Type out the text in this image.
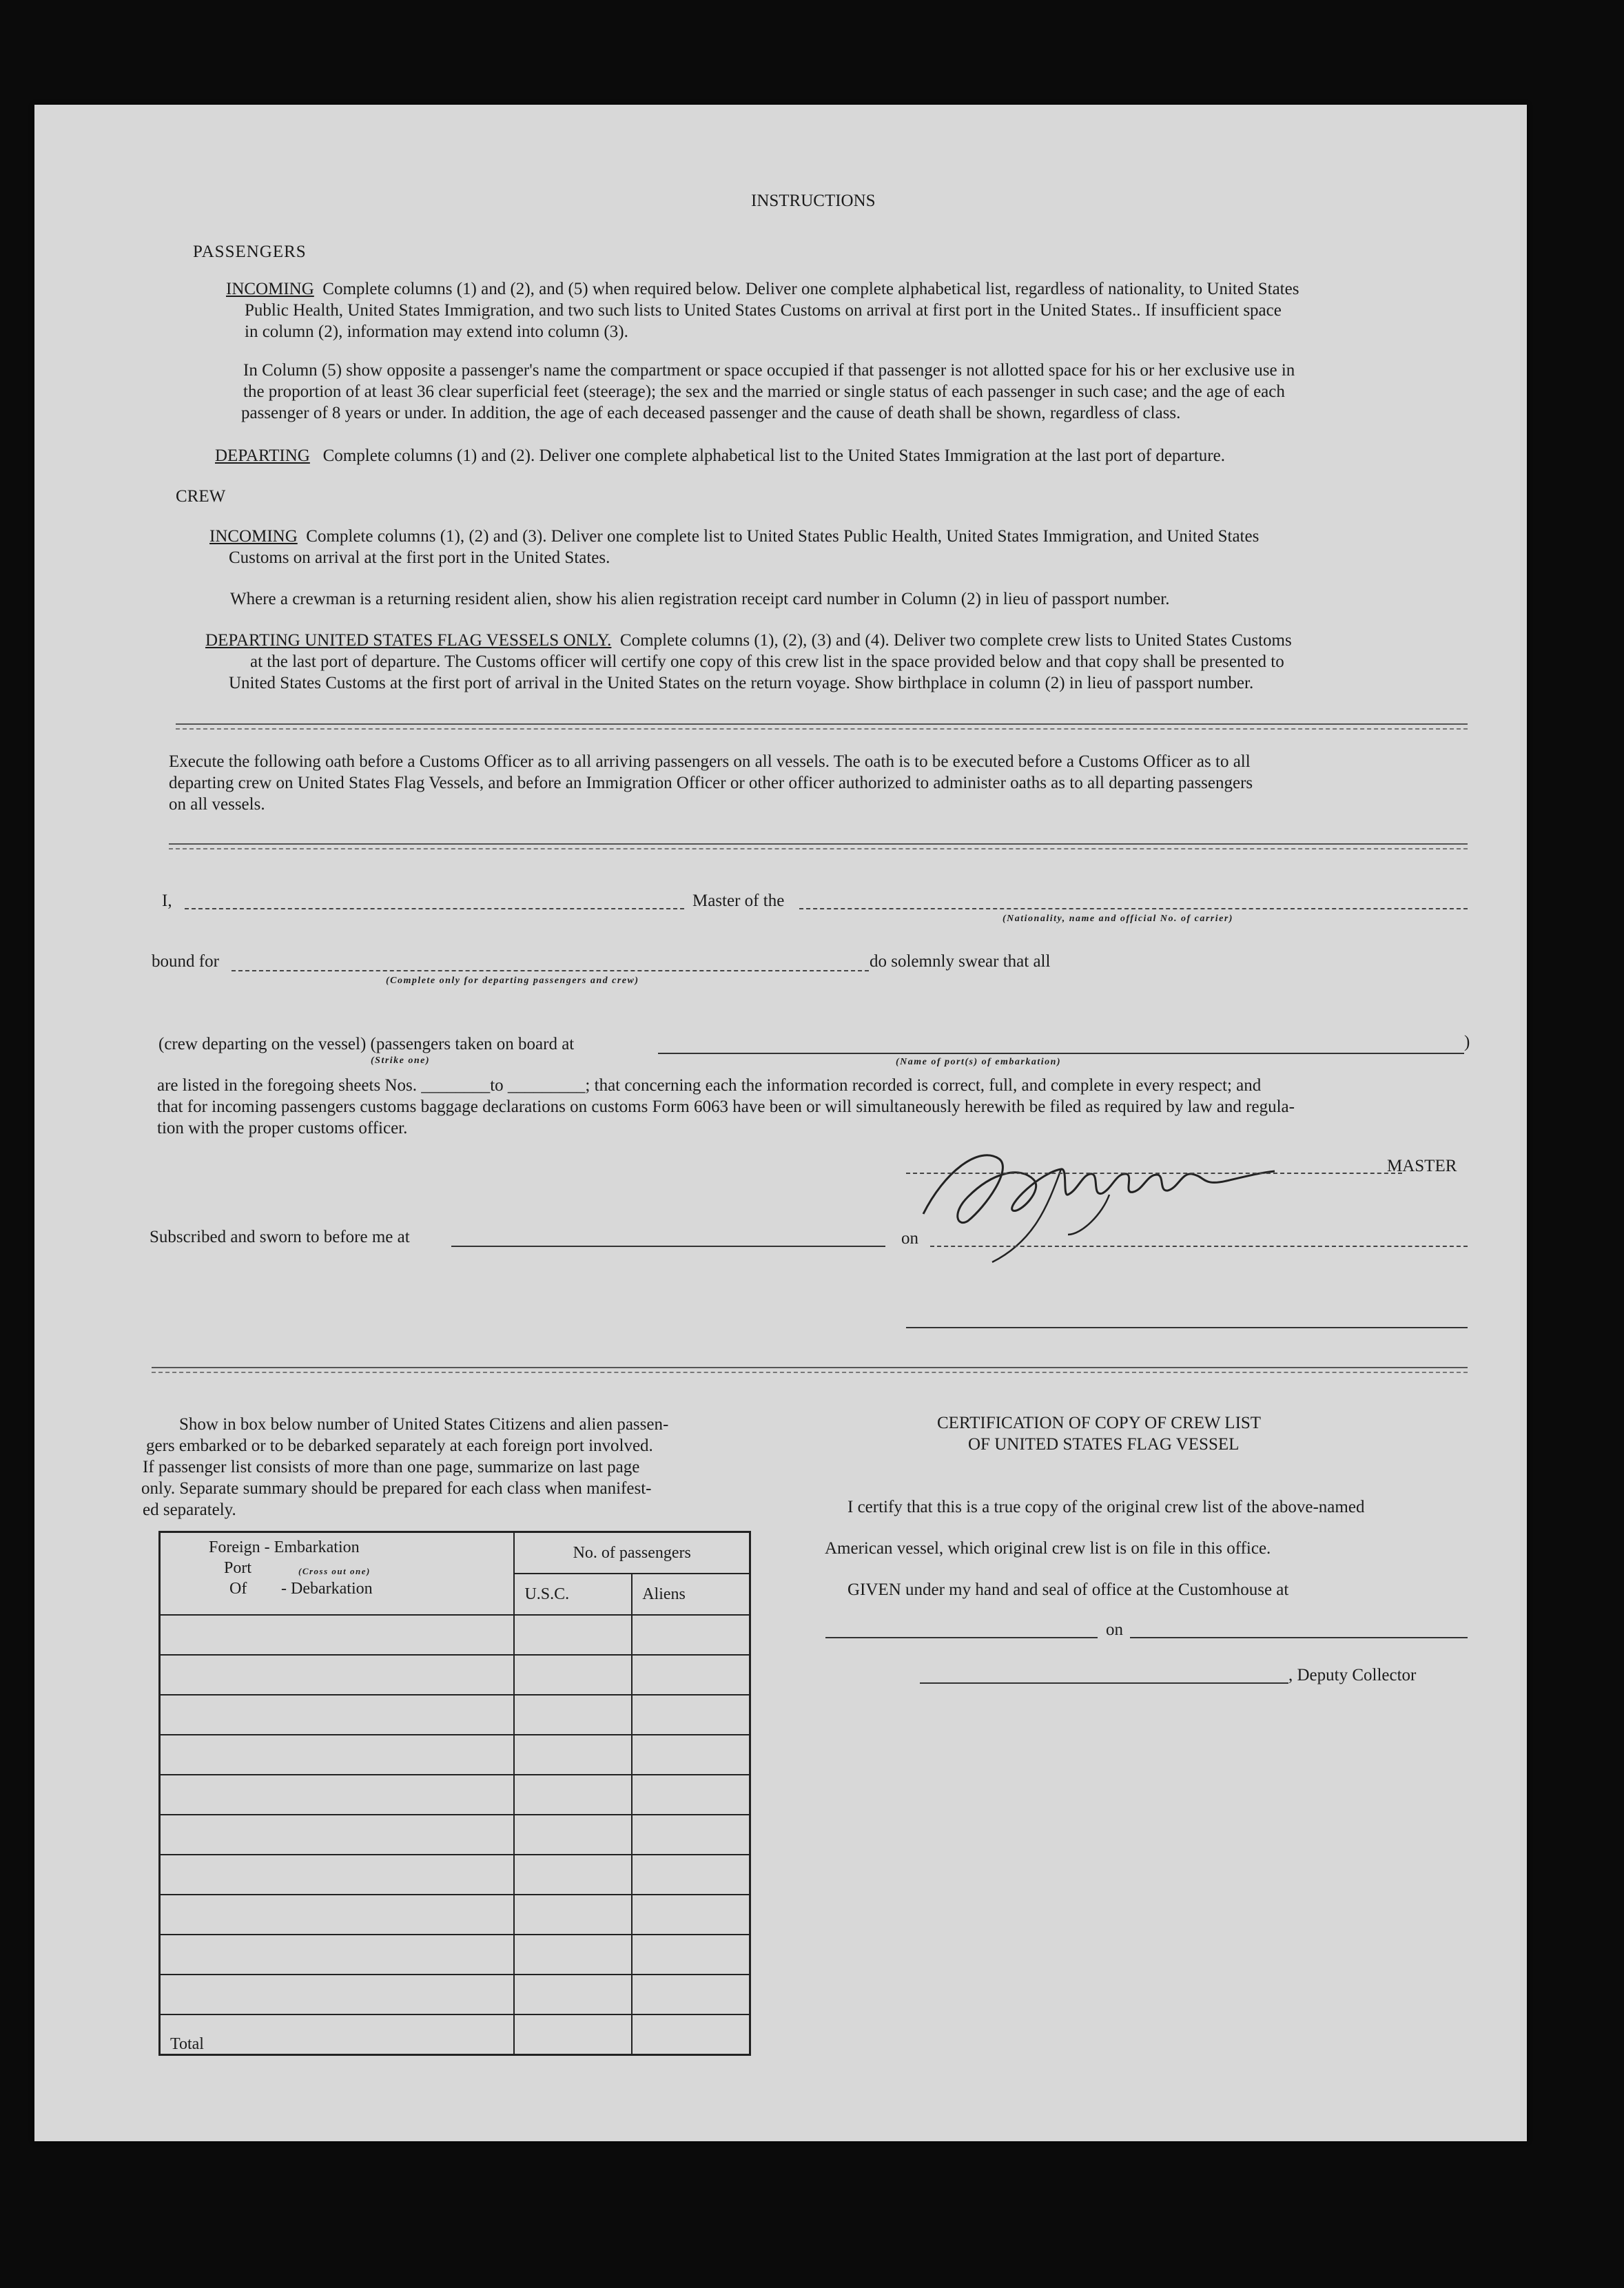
INSTRUCTIONS
PASSENGERS
INCOMING Complete columns (1) and (2), and (5) when required below. Deliver one complete alphabetical list, regardless of nationality, to United States
Public Health, United States Immigration, and two such lists to United States Customs on arrival at first port in the United States.. If insufficient space
in column (2), information may extend into column (3).
In Column (5) show opposite a passenger's name the compartment or space occupied if that passenger is not allotted space for his or her exclusive use in
the proportion of at least 36 clear superficial feet (steerage); the sex and the married or single status of each passenger in such case; and the age of each
passenger of 8 years or under. In addition, the age of each deceased passenger and the cause of death shall be shown, regardless of class.
DEPARTING Complete columns (1) and (2). Deliver one complete alphabetical list to the United States Immigration at the last port of departure.
CREW
INCOMING Complete columns (1), (2) and (3). Deliver one complete list to United States Public Health, United States Immigration, and United States
Customs on arrival at the first port in the United States.
Where a crewman is a returning resident alien, show his alien registration receipt card number in Column (2) in lieu of passport number.
DEPARTING UNITED STATES FLAG VESSELS ONLY. Complete columns (1), (2), (3) and (4). Deliver two complete crew lists to United States Customs
at the last port of departure. The Customs officer will certify one copy of this crew list in the space provided below and that copy shall be presented to
United States Customs at the first port of arrival in the United States on the return voyage. Show birthplace in column (2) in lieu of passport number.
Execute the following oath before a Customs Officer as to all arriving passengers on all vessels. The oath is to be executed before a Customs Officer as to all
departing crew on United States Flag Vessels, and before an Immigration Officer or other officer authorized to administer oaths as to all departing passengers
on all vessels.
I,	Master of the
(Nationality, name and official No. of carrier)
bound for
(Complete only for departing passengers and crew)
do solemnly swear that all
(crew departing on the vessel) (passengers taken on board at
(Strike one)
)
(Name of port(s) of embarkation)
are listed in the foregoing sheets Nos. ________to _________; that concerning each the information recorded is correct, full, and complete in every respect; and
that for incoming passengers customs baggage declarations on customs Form 6063 have been or will simultaneously herewith be filed as required by law and regula-
tion with the proper customs officer.
MASTER
Subscribed and sworn to before me at	on
Show in box below number of United States Citizens and alien passen-
gers embarked or to be debarked separately at each foreign port involved.
If passenger list consists of more than one page, summarize on last page
only. Separate summary should be prepared for each class when manifest-
ed separately.
Foreign - Embarkation
Port (Cross out one)
Of - Debarkation	No. of passengers	
	U.S.C.	Aliens

Total		
CERTIFICATION OF COPY OF CREW LIST
OF UNITED STATES FLAG VESSEL
I certify that this is a true copy of the original crew list of the above-named
American vessel, which original crew list is on file in this office.
GIVEN under my hand and seal of office at the Customhouse at
on
, Deputy Collector
